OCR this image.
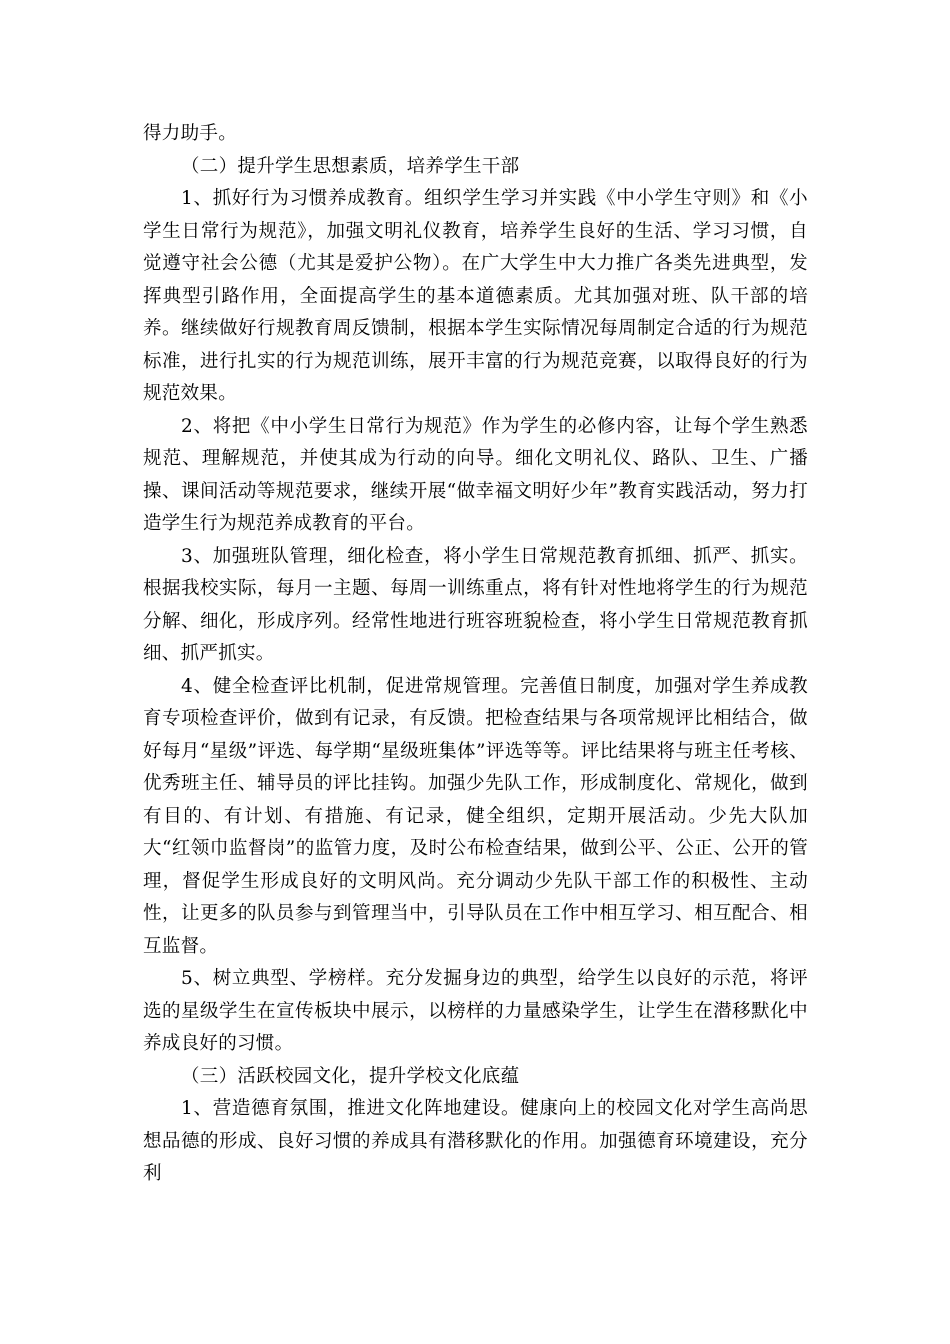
得力助手。

（二）提升学生思想素质，培养学生干部

1、抓好行为习惯养成教育。组织学生学习并实践《中小学生守则》和《小学生日常行为规范》，加强文明礼仪教育，培养学生良好的生活、学习习惯，自觉遵守社会公德（尤其是爱护公物）。在广大学生中大力推广各类先进典型，发挥典型引路作用，全面提高学生的基本道德素质。尤其加强对班、队干部的培养。继续做好行规教育周反馈制，根据本学生实际情况每周制定合适的行为规范标准，进行扎实的行为规范训练，展开丰富的行为规范竞赛，以取得良好的行为规范效果。

2、将把《中小学生日常行为规范》作为学生的必修内容，让每个学生熟悉规范、理解规范，并使其成为行动的向导。细化文明礼仪、路队、卫生、广播操、课间活动等规范要求，继续开展“做幸福文明好少年”教育实践活动，努力打造学生行为规范养成教育的平台。

3、加强班队管理，细化检查，将小学生日常规范教育抓细、抓严、抓实。根据我校实际，每月一主题、每周一训练重点，将有针对性地将学生的行为规范分解、细化，形成序列。经常性地进行班容班貌检查，将小学生日常规范教育抓细、抓严抓实。

4、健全检查评比机制，促进常规管理。完善值日制度，加强对学生养成教育专项检查评价，做到有记录，有反馈。把检查结果与各项常规评比相结合，做好每月“星级”评选、每学期“星级班集体”评选等等。评比结果将与班主任考核、优秀班主任、辅导员的评比挂钩。加强少先队工作，形成制度化、常规化，做到有目的、有计划、有措施、有记录，健全组织，定期开展活动。少先大队加大“红领巾监督岗”的监管力度，及时公布检查结果，做到公平、公正、公开的管理，督促学生形成良好的文明风尚。充分调动少先队干部工作的积极性、主动性，让更多的队员参与到管理当中，引导队员在工作中相互学习、相互配合、相互监督。

5、树立典型、学榜样。充分发掘身边的典型，给学生以良好的示范，将评选的星级学生在宣传板块中展示，以榜样的力量感染学生，让学生在潜移默化中养成良好的习惯。

（三）活跃校园文化，提升学校文化底蕴

1、营造德育氛围，推进文化阵地建设。健康向上的校园文化对学生高尚思想品德的形成、良好习惯的养成具有潜移默化的作用。加强德育环境建设，充分利
